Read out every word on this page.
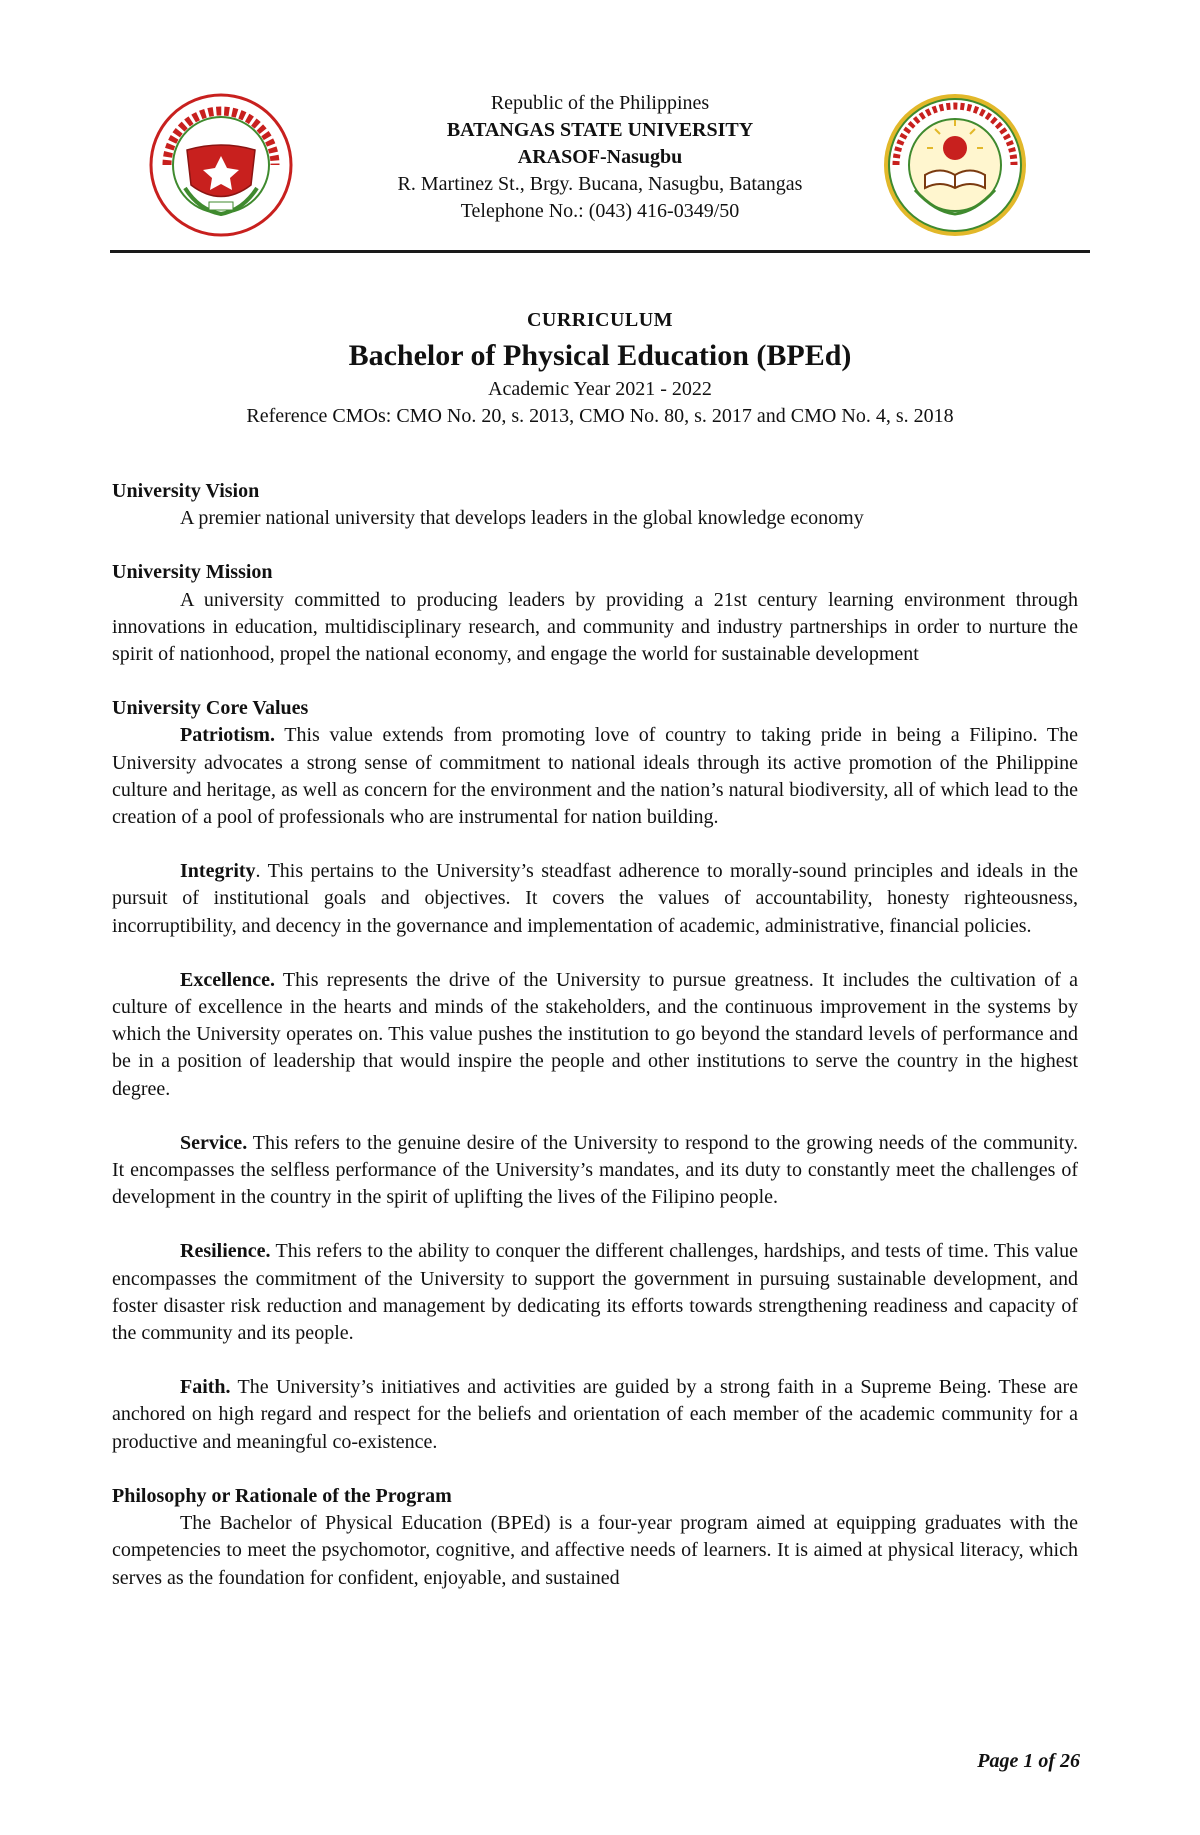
Republic of the Philippines
BATANGAS STATE UNIVERSITY
ARASOF-Nasugbu
R. Martinez St., Brgy. Bucana, Nasugbu, Batangas
Telephone No.: (043) 416-0349/50
CURRICULUM
Bachelor of Physical Education (BPEd)
Academic Year 2021 - 2022
Reference CMOs: CMO No. 20, s. 2013, CMO No. 80, s. 2017 and CMO No. 4, s. 2018
University Vision

A premier national university that develops leaders in the global knowledge economy

University Mission

A university committed to producing leaders by providing a 21st century learning environment through innovations in education, multidisciplinary research, and community and industry partnerships in order to nurture the spirit of nationhood, propel the national economy, and engage the world for sustainable development

University Core Values

Patriotism. This value extends from promoting love of country to taking pride in being a Filipino. The University advocates a strong sense of commitment to national ideals through its active promotion of the Philippine culture and heritage, as well as concern for the environment and the nation’s natural biodiversity, all of which lead to the creation of a pool of professionals who are instrumental for nation building.

Integrity. This pertains to the University’s steadfast adherence to morally-sound principles and ideals in the pursuit of institutional goals and objectives. It covers the values of accountability, honesty righteousness, incorruptibility, and decency in the governance and implementation of academic, administrative, financial policies.

Excellence. This represents the drive of the University to pursue greatness. It includes the cultivation of a culture of excellence in the hearts and minds of the stakeholders, and the continuous improvement in the systems by which the University operates on. This value pushes the institution to go beyond the standard levels of performance and be in a position of leadership that would inspire the people and other institutions to serve the country in the highest degree.

Service. This refers to the genuine desire of the University to respond to the growing needs of the community. It encompasses the selfless performance of the University’s mandates, and its duty to constantly meet the challenges of development in the country in the spirit of uplifting the lives of the Filipino people.

Resilience. This refers to the ability to conquer the different challenges, hardships, and tests of time. This value encompasses the commitment of the University to support the government in pursuing sustainable development, and foster disaster risk reduction and management by dedicating its efforts towards strengthening readiness and capacity of the community and its people.

Faith. The University’s initiatives and activities are guided by a strong faith in a Supreme Being. These are anchored on high regard and respect for the beliefs and orientation of each member of the academic community for a productive and meaningful co-existence.

Philosophy or Rationale of the Program

The Bachelor of Physical Education (BPEd) is a four-year program aimed at equipping graduates with the competencies to meet the psychomotor, cognitive, and affective needs of learners. It is aimed at physical literacy, which serves as the foundation for confident, enjoyable, and sustained

Page 1 of 26
